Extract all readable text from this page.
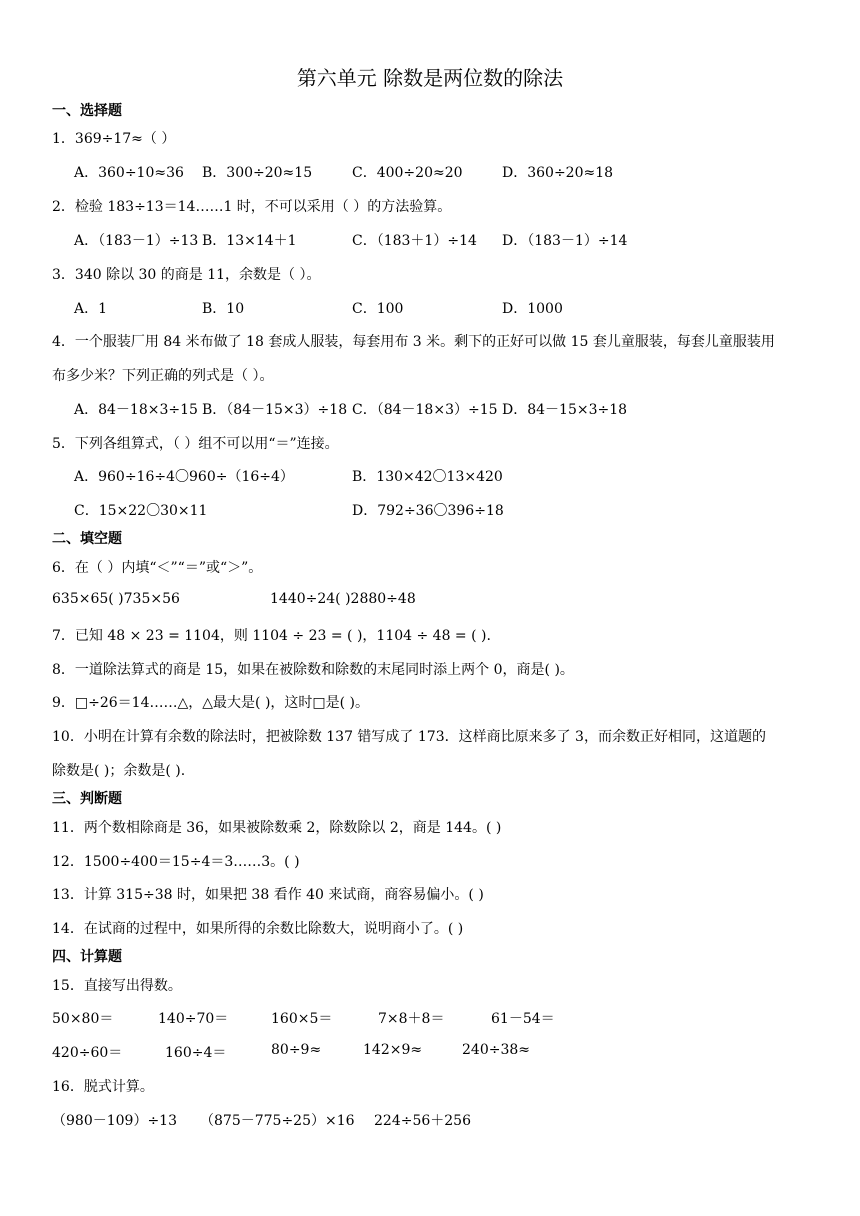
第六单元 除数是两位数的除法
一、选择题
1．369÷17≈（ ）
A．360÷10≈36 B．300÷20≈15	C．400÷20≈20	D．360÷20≈18
2．检验 183÷13＝14……1 时，不可以采用（ ）的方法验算。
A．（183－1）÷13 B．13×14＋1	C．（183＋1）÷14 D．（183－1）÷14
3．340 除以 30 的商是 11，余数是（ ）。
A．1	B．10	C．100	D．1000
4．一个服装厂用 84 米布做了 18 套成人服装，每套用布 3 米。剩下的正好可以做 15 套儿童服装，每套儿童服装用
布多少米？下列正确的列式是（ ）。
A．84－18×3÷15 B．（84－15×3）÷18 C．（84－18×3）÷15 D．84－15×3÷18
5．下列各组算式，（ ）组不可以用“＝”连接。
A．960÷16÷4〇960÷（16÷4）	B．130×42〇13×420
C．15×22〇30×11	D．792÷36〇396÷18
二、填空题
6．在（ ）内填“＜”“＝”或“＞”。
635×65( )735×56	1440÷24( )2880÷48
7．已知 48 × 23 = 1104，则 1104 ÷ 23 = ( )，1104 ÷ 48 = ( ).
8．一道除法算式的商是 15，如果在被除数和除数的末尾同时添上两个 0，商是( )。
9．□÷26＝14……△，△最大是( )，这时□是( )。
10．小明在计算有余数的除法时，把被除数 137 错写成了 173．这样商比原来多了 3，而余数正好相同，这道题的
除数是( )；余数是( ).
三、判断题
11．两个数相除商是 36，如果被除数乘 2，除数除以 2，商是 144。( )
12．1500÷400＝15÷4＝3……3。( )
13．计算 315÷38 时，如果把 38 看作 40 来试商，商容易偏小。( )
14．在试商的过程中，如果所得的余数比除数大，说明商小了。( )
四、计算题
15．直接写出得数。
50×80＝	140÷70＝	160×5＝	7×8＋8＝	61－54＝
420÷60＝	160÷4＝	80÷9≈	142×9≈	240÷38≈
16．脱式计算。
（980－109）÷13 （875－775÷25）×16 224÷56＋256
